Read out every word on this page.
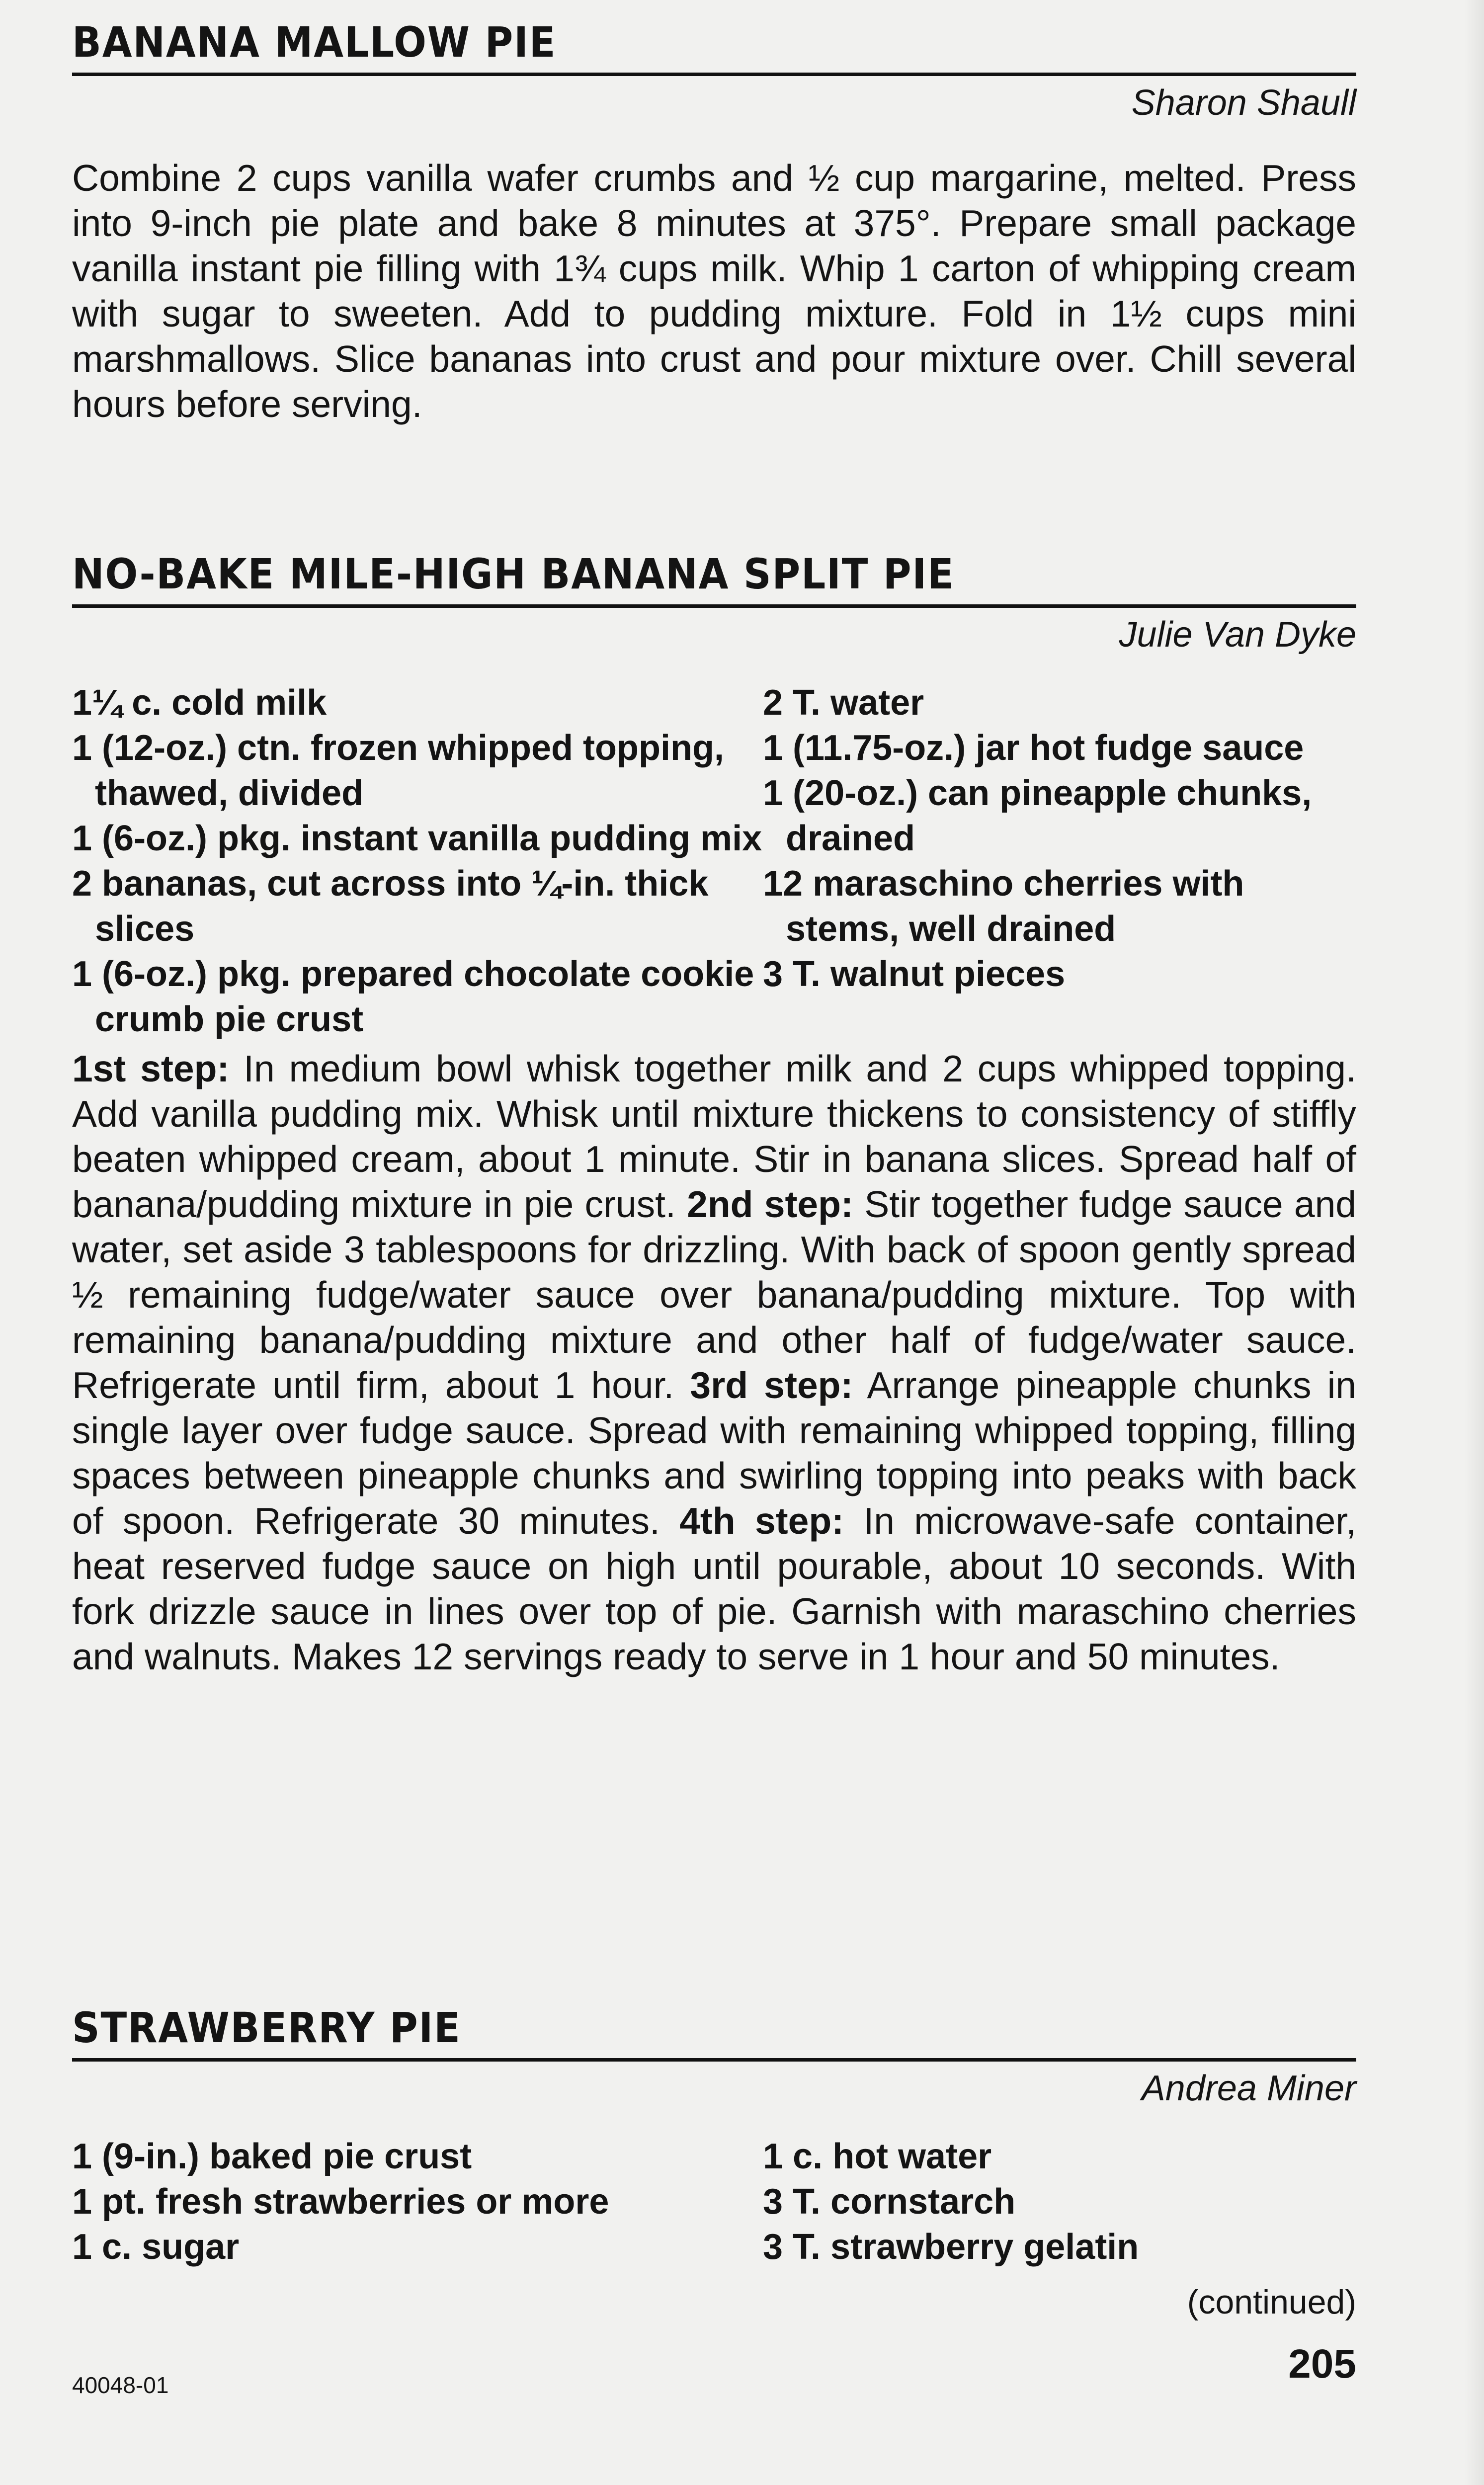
BANANA MALLOW PIE
Sharon Shaull

Combine 2 cups vanilla wafer crumbs and ½ cup margarine, melted. Press into 9-inch pie plate and bake 8 minutes at 375°. Prepare small package vanilla instant pie filling with 1¾ cups milk. Whip 1 carton of whipping cream with sugar to sweeten. Add to pudding mixture. Fold in 1½ cups mini marshmallows. Slice bananas into crust and pour mixture over. Chill several hours before serving.

NO-BAKE MILE-HIGH BANANA SPLIT PIE
Julie Van Dyke
1¼ c. cold milk
1 (12-oz.) ctn. frozen whipped topping, thawed, divided
1 (6-oz.) pkg. instant vanilla pudding mix
2 bananas, cut across into ¼-in. thick slices
1 (6-oz.) pkg. prepared chocolate cookie crumb pie crust
2 T. water
1 (11.75-oz.) jar hot fudge sauce
1 (20-oz.) can pineapple chunks, drained
12 maraschino cherries with stems, well drained
3 T. walnut pieces

1st step: In medium bowl whisk together milk and 2 cups whipped topping. Add vanilla pudding mix. Whisk until mixture thickens to consistency of stiffly beaten whipped cream, about 1 minute. Stir in banana slices. Spread half of banana/pudding mixture in pie crust. 2nd step: Stir together fudge sauce and water, set aside 3 tablespoons for drizzling. With back of spoon gently spread ½ remaining fudge/water sauce over banana/pudding mixture. Top with remaining banana/pudding mixture and other half of fudge/water sauce. Refrigerate until firm, about 1 hour. 3rd step: Arrange pineapple chunks in single layer over fudge sauce. Spread with remaining whipped topping, filling spaces between pineapple chunks and swirling topping into peaks with back of spoon. Refrigerate 30 minutes. 4th step: In microwave-safe container, heat reserved fudge sauce on high until pourable, about 10 seconds. With fork drizzle sauce in lines over top of pie. Garnish with maraschino cherries and walnuts. Makes 12 servings ready to serve in 1 hour and 50 minutes.

STRAWBERRY PIE
Andrea Miner
1 (9-in.) baked pie crust
1 pt. fresh strawberries or more
1 c. sugar
1 c. hot water
3 T. cornstarch
3 T. strawberry gelatin
(continued)
40048-01	205
